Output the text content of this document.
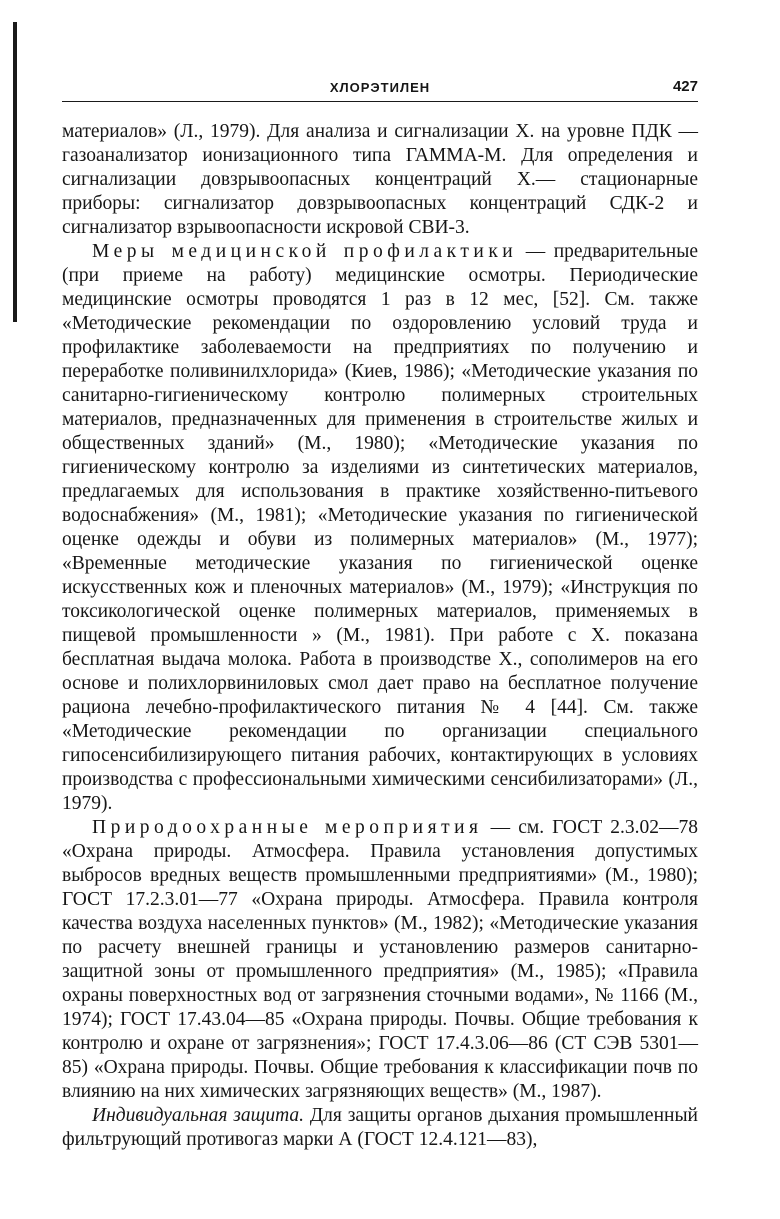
ХЛОРЭТИЛЕН	427

материалов» (Л., 1979). Для анализа и сигнализации Х. на уровне ПДК — газоанализатор ионизационного типа ГАММА-М. Для определения и сигнализации довзрывоопасных концентраций Х.— стационарные приборы: сигнализатор довзрывоопасных концентраций СДК-2 и сигнализатор взрывоопасности искровой СВИ-3.

Меры медицинской профилактики — предварительные (при приеме на работу) медицинские осмотры. Периодические медицинские осмотры проводятся 1 раз в 12 мес, [52]. См. также «Методические рекомендации по оздоровлению условий труда и профилактике заболеваемости на предприятиях по получению и переработке поливинилхлорида» (Киев, 1986); «Методические указания по санитарно-гигиеническому контролю полимерных строительных материалов, предназначенных для применения в строительстве жилых и общественных зданий» (М., 1980); «Методические указания по гигиеническому контролю за изделиями из синтетических материалов, предлагаемых для использования в практике хозяйственно-питьевого водоснабжения» (М., 1981); «Методические указания по гигиенической оценке одежды и обуви из полимерных материалов» (М., 1977); «Временные методические указания по гигиенической оценке искусственных кож и пленочных материалов» (М., 1979); «Инструкция по токсикологической оценке полимерных материалов, применяемых в пищевой промышленности » (М., 1981). При работе с Х. показана бесплатная выдача молока. Работа в производстве Х., сополимеров на его основе и полихлорвиниловых смол дает право на бесплатное получение рациона лечебно-профилактического питания № 4 [44]. См. также «Методические рекомендации по организации специального гипосенсибилизирующего питания рабочих, контактирующих в условиях производства с профессиональными химическими сенсибилизаторами» (Л., 1979).

Природоохранные мероприятия — см. ГОСТ 2.3.02—78 «Охрана природы. Атмосфера. Правила установления допустимых выбросов вредных веществ промышленными предприятиями» (М., 1980); ГОСТ 17.2.3.01—77 «Охрана природы. Атмосфера. Правила контроля качества воздуха населенных пунктов» (М., 1982); «Методические указания по расчету внешней границы и установлению размеров санитарно-защитной зоны от промышленного предприятия» (М., 1985); «Правила охраны поверхностных вод от загрязнения сточными водами», № 1166 (М., 1974); ГОСТ 17.43.04—85 «Охрана природы. Почвы. Общие требования к контролю и охране от загрязнения»; ГОСТ 17.4.3.06—86 (СТ СЭВ 5301—85) «Охрана природы. Почвы. Общие требования к классификации почв по влиянию на них химических загрязняющих веществ» (М., 1987).

Индивидуальная защита. Для защиты органов дыхания промышленный фильтрующий противогаз марки А (ГОСТ 12.4.121—83),
